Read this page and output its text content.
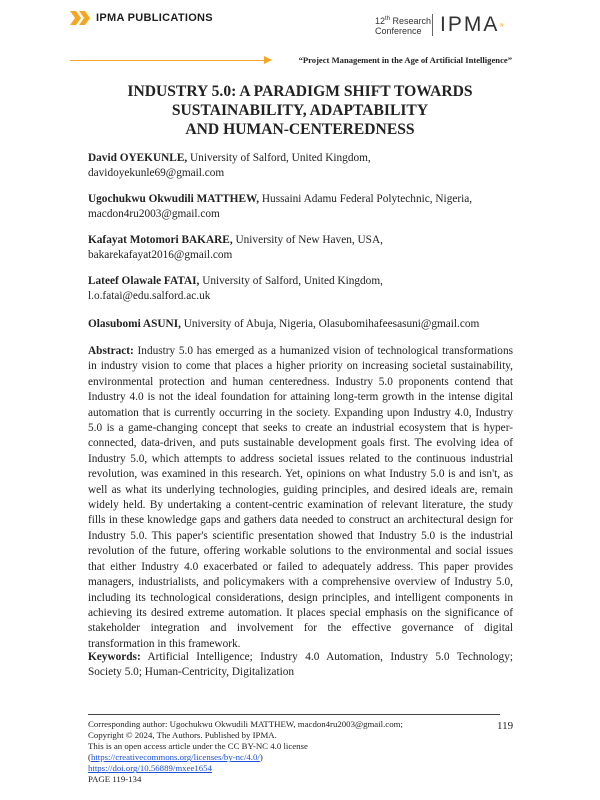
IPMA PUBLICATIONS	12th Research
Conference IPMA»
“Project Management in the Age of Artificial Intelligence”
INDUSTRY 5.0: A PARADIGM SHIFT TOWARDS
SUSTAINABILITY, ADAPTABILITY
AND HUMAN-CENTEREDNESS
David OYEKUNLE, University of Salford, United Kingdom,
davidoyekunle69@gmail.com
Ugochukwu Okwudili MATTHEW, Hussaini Adamu Federal Polytechnic, Nigeria,
macdon4ru2003@gmail.com
Kafayat Motomori BAKARE, University of New Haven, USA,
bakarekafayat2016@gmail.com
Lateef Olawale FATAI, University of Salford, United Kingdom,
l.o.fatai@edu.salford.ac.uk
Olasubomi ASUNI, University of Abuja, Nigeria, Olasubomihafeesasuni@gmail.com
Abstract: Industry 5.0 has emerged as a humanized vision of technological transformations in industry vision to come that places a higher priority on increasing societal sustainability, environmental protection and human centeredness. Industry 5.0 proponents contend that Industry 4.0 is not the ideal foundation for attaining long-term growth in the intense digital automation that is currently occurring in the society. Expanding upon Industry 4.0, Industry 5.0 is a game-changing concept that seeks to create an industrial ecosystem that is hyper-connected, data-driven, and puts sustainable development goals first. The evolving idea of Industry 5.0, which attempts to address societal issues related to the continuous industrial revolution, was examined in this research. Yet, opinions on what Industry 5.0 is and isn't, as well as what its underlying technologies, guiding principles, and desired ideals are, remain widely held. By undertaking a content-centric examination of relevant literature, the study fills in these knowledge gaps and gathers data needed to construct an architectural design for Industry 5.0. This paper's scientific presentation showed that Industry 5.0 is the industrial revolution of the future, offering workable solutions to the environmental and social issues that either Industry 4.0 exacerbated or failed to adequately address. This paper provides managers, industrialists, and policymakers with a comprehensive overview of Industry 5.0, including its technological considerations, design principles, and intelligent components in achieving its desired extreme automation. It places special emphasis on the significance of stakeholder integration and involvement for the effective governance of digital transformation in this framework.
Keywords: Artificial Intelligence; Industry 4.0 Automation, Industry 5.0 Technology; Society 5.0; Human-Centricity, Digitalization
Corresponding author: Ugochukwu Okwudili MATTHEW, macdon4ru2003@gmail.com;
Copyright © 2024, The Authors. Published by IPMA.
This is an open access article under the CC BY-NC 4.0 license
(https://creativecommons.org/licenses/by-nc/4.0/)
https://doi.org/10.56889/mxee1654
PAGE 119-134
119
